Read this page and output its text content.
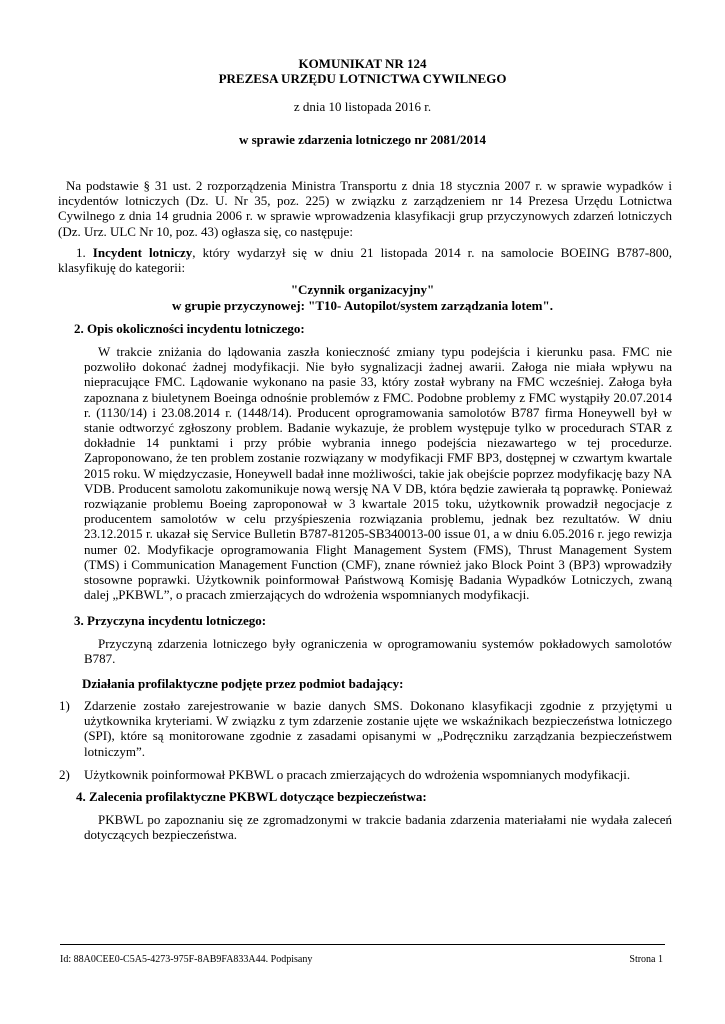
KOMUNIKAT NR 124

PREZESA URZĘDU LOTNICTWA CYWILNEGO

z dnia 10 listopada 2016 r.

w sprawie zdarzenia lotniczego nr 2081/2014

Na podstawie § 31 ust. 2 rozporządzenia Ministra Transportu z dnia 18 stycznia 2007 r. w sprawie wypadków i incydentów lotniczych (Dz. U. Nr 35, poz. 225) w związku z zarządzeniem nr 14 Prezesa Urzędu Lotnictwa Cywilnego z dnia 14 grudnia 2006 r. w sprawie wprowadzenia klasyfikacji grup przyczynowych zdarzeń lotniczych (Dz. Urz. ULC Nr 10, poz. 43) ogłasza się, co następuje:

1. Incydent lotniczy, który wydarzył się w dniu 21 listopada 2014 r. na samolocie BOEING B787-800, klasyfikuję do kategorii:

"Czynnik organizacyjny"

w grupie przyczynowej: "T10- Autopilot/system zarządzania lotem".

2. Opis okoliczności incydentu lotniczego:

W trakcie zniżania do lądowania zaszła konieczność zmiany typu podejścia i kierunku pasa. FMC nie pozwoliło dokonać żadnej modyfikacji. Nie było sygnalizacji żadnej awarii. Załoga nie miała wpływu na niepracujące FMC. Lądowanie wykonano na pasie 33, który został wybrany na FMC wcześniej. Załoga była zapoznana z biuletynem Boeinga odnośnie problemów z FMC. Podobne problemy z FMC wystąpiły 20.07.2014 r. (1130/14) i 23.08.2014 r. (1448/14). Producent oprogramowania samolotów B787 firma Honeywell był w stanie odtworzyć zgłoszony problem. Badanie wykazuje, że problem występuje tylko w procedurach STAR z dokładnie 14 punktami i przy próbie wybrania innego podejścia niezawartego w tej procedurze. Zaproponowano, że ten problem zostanie rozwiązany w modyfikacji FMF BP3, dostępnej w czwartym kwartale 2015 roku. W międzyczasie, Honeywell badał inne możliwości, takie jak obejście poprzez modyfikację bazy NA VDB. Producent samolotu zakomunikuje nową wersję NA V DB, która będzie zawierała tą poprawkę. Ponieważ rozwiązanie problemu Boeing zaproponował w 3 kwartale 2015 toku, użytkownik prowadził negocjacje z producentem samolotów w celu przyśpieszenia rozwiązania problemu, jednak bez rezultatów. W dniu 23.12.2015 r. ukazał się Service Bulletin B787-81205-SB340013-00 issue 01, a w dniu 6.05.2016 r. jego rewizja numer 02. Modyfikacje oprogramowania Flight Management System (FMS), Thrust Management System (TMS) i Communication Management Function (CMF), znane również jako Block Point 3 (BP3) wprowadziły stosowne poprawki. Użytkownik poinformował Państwową Komisję Badania Wypadków Lotniczych, zwaną dalej „PKBWL”, o pracach zmierzających do wdrożenia wspomnianych modyfikacji.

3. Przyczyna incydentu lotniczego:

Przyczyną zdarzenia lotniczego były ograniczenia w oprogramowaniu systemów pokładowych samolotów B787.

Działania profilaktyczne podjęte przez podmiot badający:

1) Zdarzenie zostało zarejestrowanie w bazie danych SMS. Dokonano klasyfikacji zgodnie z przyjętymi u użytkownika kryteriami. W związku z tym zdarzenie zostanie ujęte we wskaźnikach bezpieczeństwa lotniczego (SPI), które są monitorowane zgodnie z zasadami opisanymi w „Podręczniku zarządzania bezpieczeństwem lotniczym”.

2) Użytkownik poinformował PKBWL o pracach zmierzających do wdrożenia wspomnianych modyfikacji.

4. Zalecenia profilaktyczne PKBWL dotyczące bezpieczeństwa:

PKBWL po zapoznaniu się ze zgromadzonymi w trakcie badania zdarzenia materiałami nie wydała zaleceń dotyczących bezpieczeństwa.

Id: 88A0CEE0-C5A5-4273-975F-8AB9FA833A44. Podpisany	Strona 1
